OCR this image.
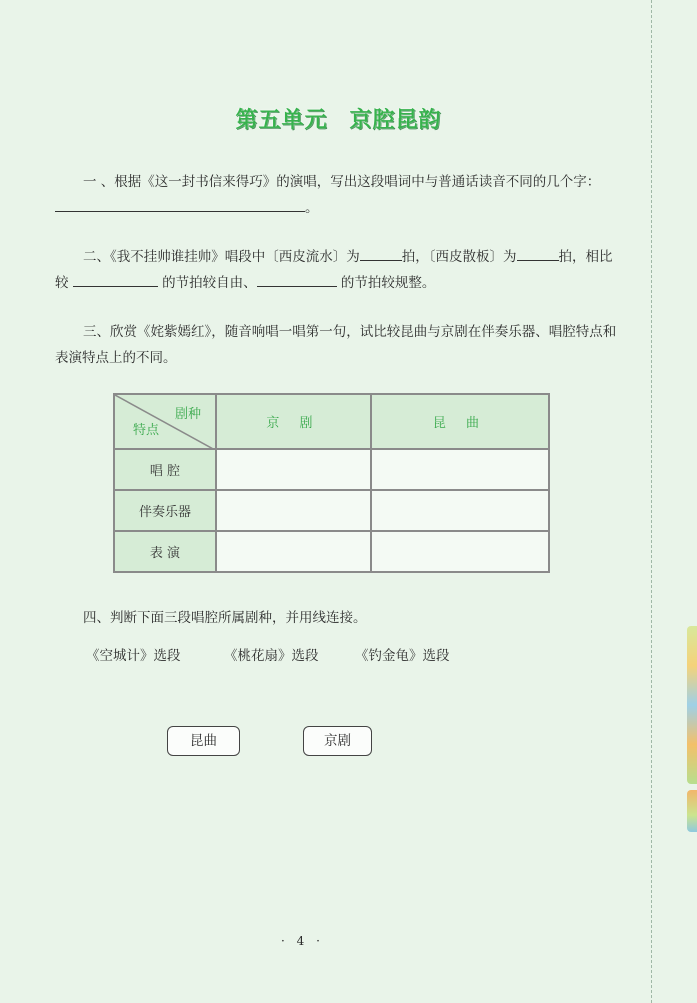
第五单元 京腔昆韵

一 、根据《这一封书信来得巧》的演唱，写出这段唱词中与普通话读音不同的几个字：。

二、《我不挂帅谁挂帅》唱段中〔西皮流水〕为	拍，〔西皮散板〕为	拍，相比较	的节拍较自由、	的节拍较规整。

三、欣赏《姹紫嫣红》，随音响唱一唱第一句，试比较昆曲与京剧在伴奏乐器、唱腔特点和表演特点上的不同。

剧种
特点	京 剧	昆 曲
唱 腔		
伴奏乐器		
表 演		

四、判断下面三段唱腔所属剧种，并用线连接。

《空城计》选段	《桃花扇》选段	《钓金龟》选段
昆曲	京剧
· 4 ·
